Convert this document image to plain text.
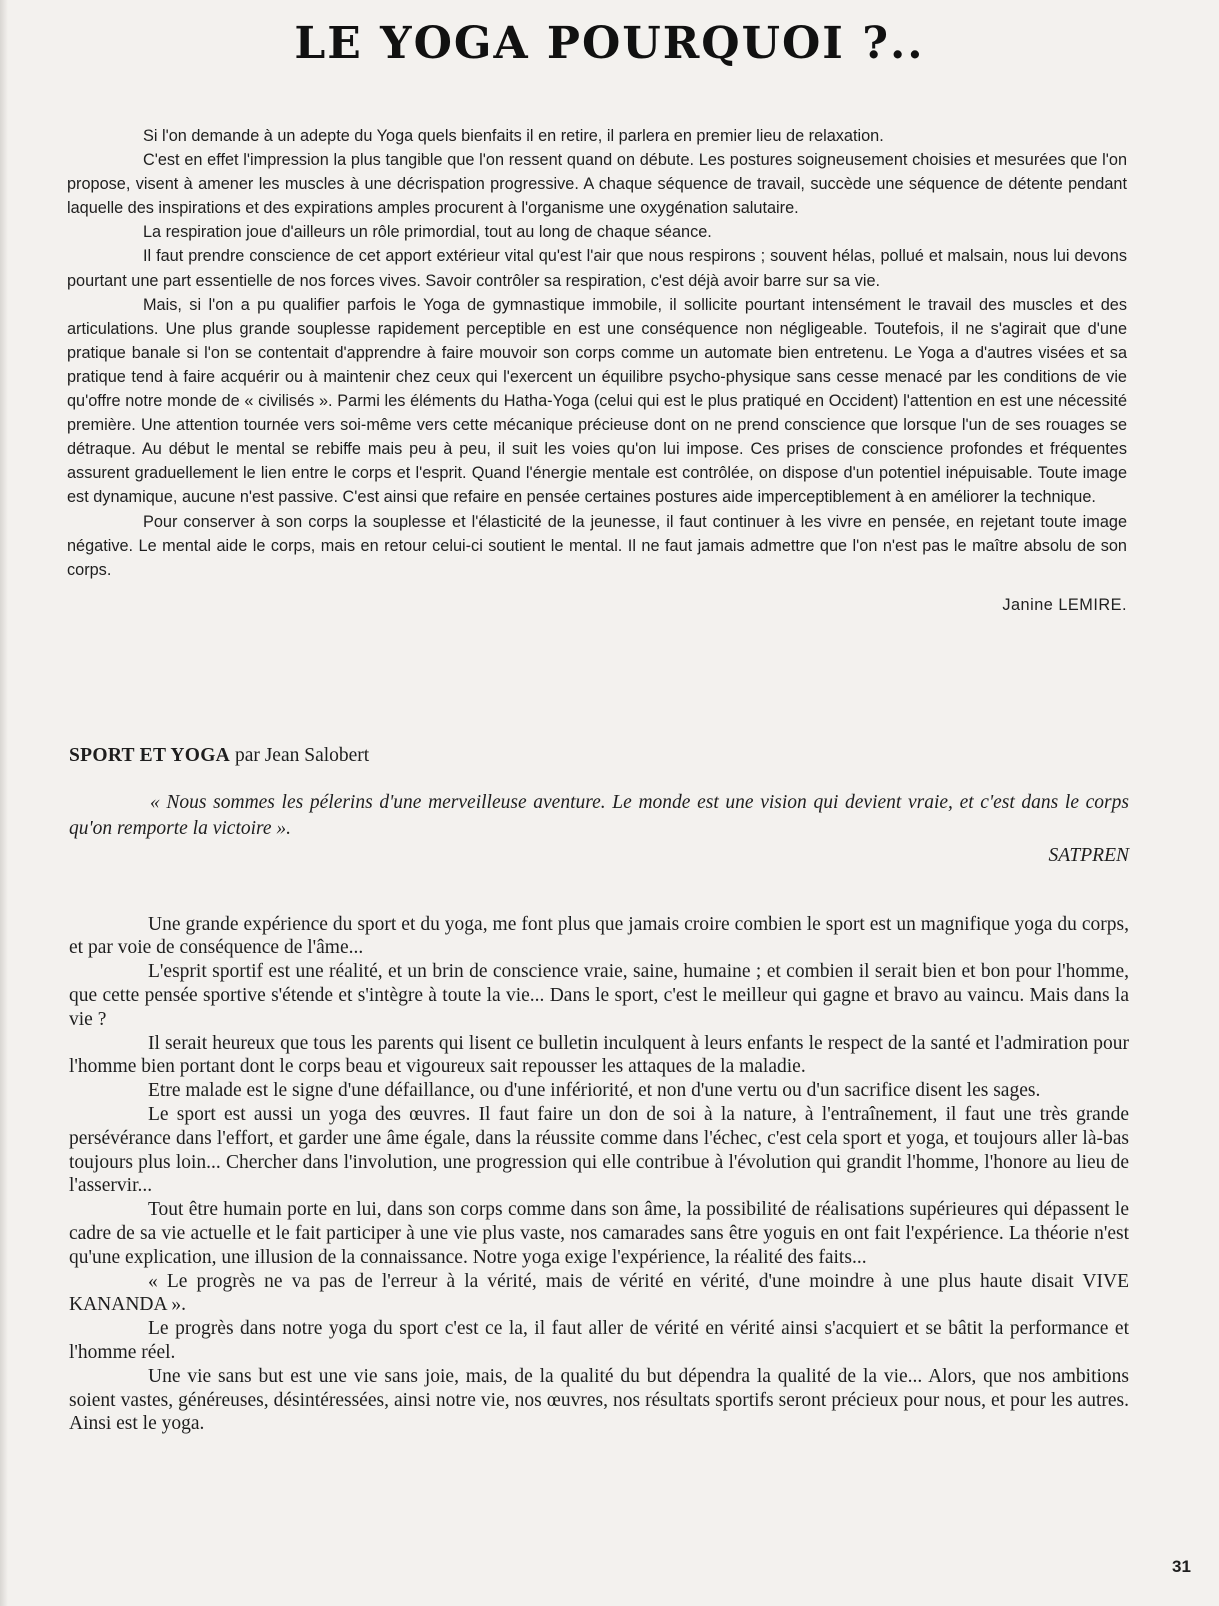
LE YOGA POURQUOI ?..

Si l'on demande à un adepte du Yoga quels bienfaits il en retire, il parlera en premier lieu de relaxation.

C'est en effet l'impression la plus tangible que l'on ressent quand on débute. Les postures soigneusement choisies et mesurées que l'on propose, visent à amener les muscles à une décrispation progressive. A chaque séquence de travail, succède une séquence de détente pendant laquelle des inspirations et des expirations amples procurent à l'organisme une oxygénation salutaire.

La respiration joue d'ailleurs un rôle primordial, tout au long de chaque séance.

Il faut prendre conscience de cet apport extérieur vital qu'est l'air que nous respirons ; souvent hélas, pollué et malsain, nous lui devons pourtant une part essentielle de nos forces vives. Savoir contrôler sa respiration, c'est déjà avoir barre sur sa vie.

Mais, si l'on a pu qualifier parfois le Yoga de gymnastique immobile, il sollicite pourtant intensément le travail des muscles et des articulations. Une plus grande souplesse rapidement perceptible en est une conséquence non négligeable. Toutefois, il ne s'agirait que d'une pratique banale si l'on se contentait d'apprendre à faire mouvoir son corps comme un automate bien entretenu. Le Yoga a d'autres visées et sa pratique tend à faire acquérir ou à maintenir chez ceux qui l'exercent un équilibre psycho-physique sans cesse menacé par les conditions de vie qu'offre notre monde de « civilisés ». Parmi les éléments du Hatha-Yoga (celui qui est le plus pratiqué en Occident) l'attention en est une nécessité première. Une attention tournée vers soi-même vers cette mécanique précieuse dont on ne prend conscience que lorsque l'un de ses rouages se détraque. Au début le mental se rebiffe mais peu à peu, il suit les voies qu'on lui impose. Ces prises de conscience profondes et fréquentes assurent graduellement le lien entre le corps et l'esprit. Quand l'énergie mentale est contrôlée, on dispose d'un potentiel inépuisable. Toute image est dynamique, aucune n'est passive. C'est ainsi que refaire en pensée certaines postures aide imperceptiblement à en améliorer la technique.

Pour conserver à son corps la souplesse et l'élasticité de la jeunesse, il faut continuer à les vivre en pensée, en rejetant toute image négative. Le mental aide le corps, mais en retour celui-ci soutient le mental. Il ne faut jamais admettre que l'on n'est pas le maître absolu de son corps.

Janine LEMIRE.

SPORT ET YOGA par Jean Salobert

« Nous sommes les pélerins d'une merveilleuse aventure. Le monde est une vision qui devient vraie, et c'est dans le corps qu'on remporte la victoire ».

SATPREN

Une grande expérience du sport et du yoga, me font plus que jamais croire combien le sport est un magnifique yoga du corps, et par voie de conséquence de l'âme...

L'esprit sportif est une réalité, et un brin de conscience vraie, saine, humaine ; et combien il serait bien et bon pour l'homme, que cette pensée sportive s'étende et s'intègre à toute la vie... Dans le sport, c'est le meilleur qui gagne et bravo au vaincu. Mais dans la vie ?

Il serait heureux que tous les parents qui lisent ce bulletin inculquent à leurs enfants le respect de la santé et l'admiration pour l'homme bien portant dont le corps beau et vigoureux sait repousser les attaques de la maladie.

Etre malade est le signe d'une défaillance, ou d'une infériorité, et non d'une vertu ou d'un sacrifice disent les sages.

Le sport est aussi un yoga des œuvres. Il faut faire un don de soi à la nature, à l'entraînement, il faut une très grande persévérance dans l'effort, et garder une âme égale, dans la réussite comme dans l'échec, c'est cela sport et yoga, et toujours aller là-bas toujours plus loin... Chercher dans l'involution, une progression qui elle contribue à l'évolution qui grandit l'homme, l'honore au lieu de l'asservir...

Tout être humain porte en lui, dans son corps comme dans son âme, la possibilité de réalisations supérieures qui dépassent le cadre de sa vie actuelle et le fait participer à une vie plus vaste, nos camarades sans être yoguis en ont fait l'expérience. La théorie n'est qu'une explication, une illusion de la connaissance. Notre yoga exige l'expérience, la réalité des faits...

« Le progrès ne va pas de l'erreur à la vérité, mais de vérité en vérité, d'une moindre à une plus haute disait VIVE KANANDA ».

Le progrès dans notre yoga du sport c'est ce la, il faut aller de vérité en vérité ainsi s'acquiert et se bâtit la performance et l'homme réel.

Une vie sans but est une vie sans joie, mais, de la qualité du but dépendra la qualité de la vie... Alors, que nos ambitions soient vastes, généreuses, désintéressées, ainsi notre vie, nos œuvres, nos résultats sportifs seront précieux pour nous, et pour les autres. Ainsi est le yoga.

31
